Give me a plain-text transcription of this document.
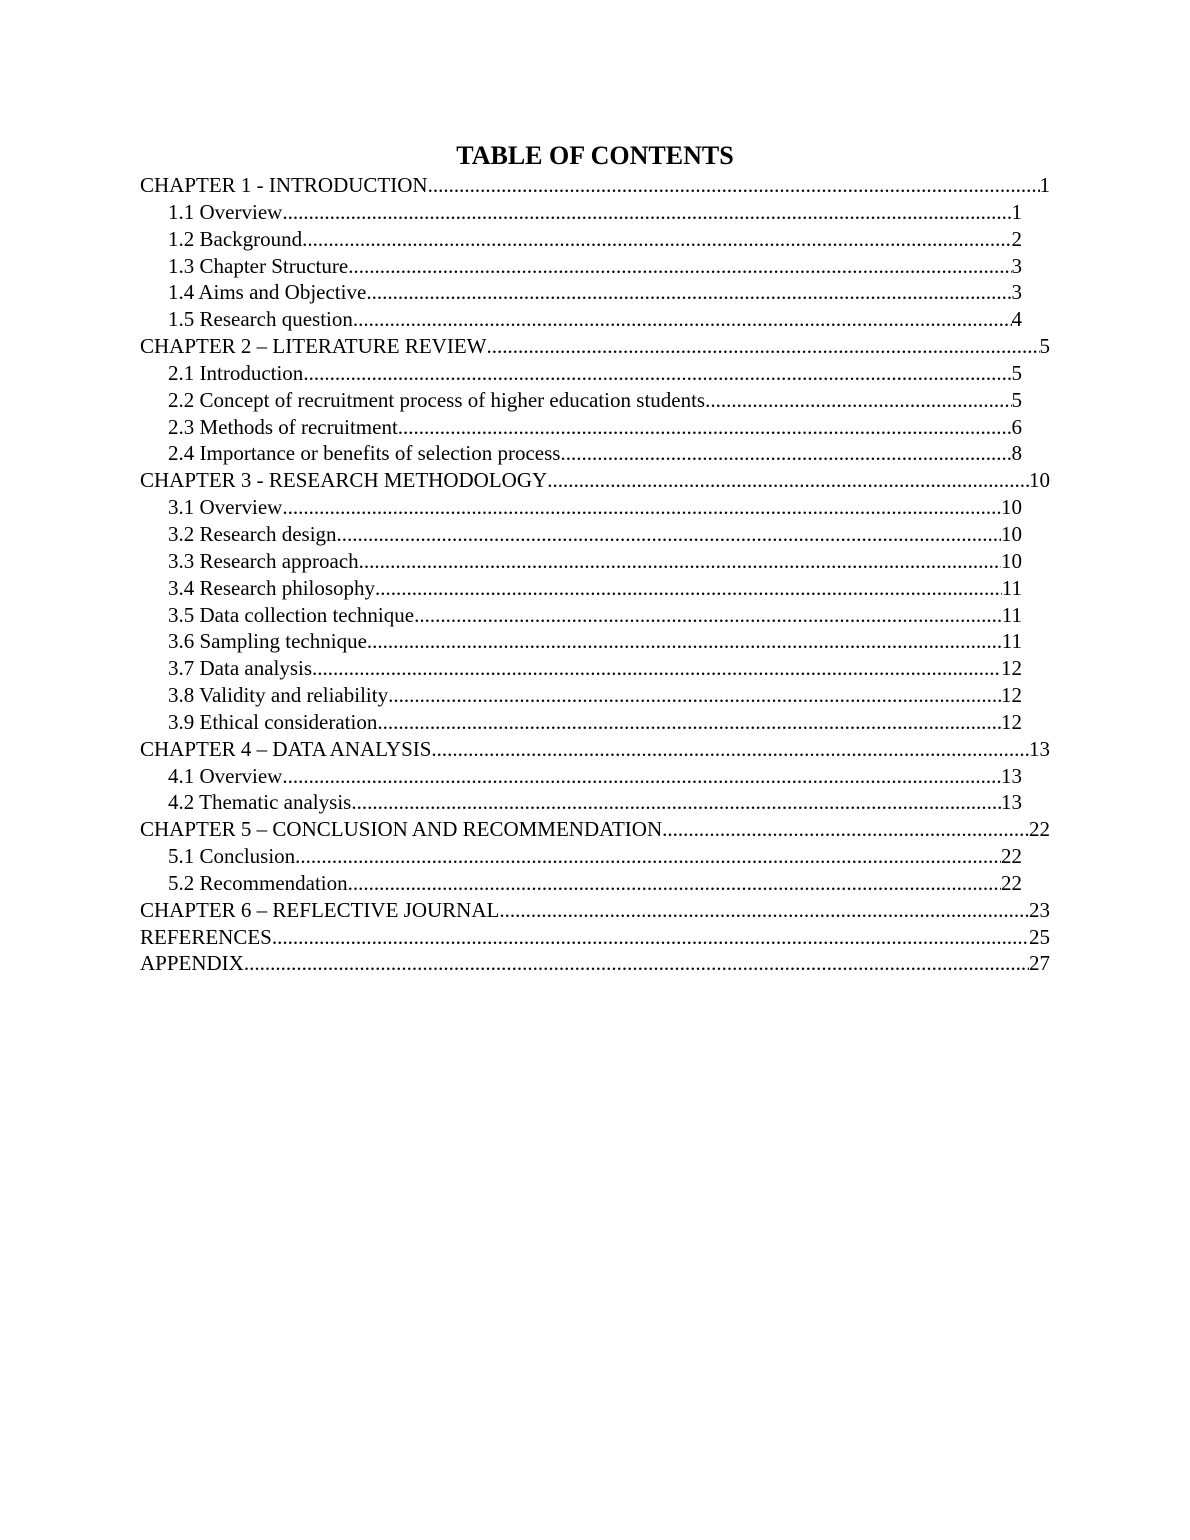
TABLE OF CONTENTS
CHAPTER 1 - INTRODUCTION .....	1
1.1 Overview .....	1
1.2 Background .....	2
1.3 Chapter Structure .....	3
1.4 Aims and Objective .....	3
1.5 Research question .....	4
CHAPTER 2 – LITERATURE REVIEW .....	5
2.1 Introduction .....	5
2.2 Concept of recruitment process of higher education students .....	5
2.3 Methods of recruitment .....	6
2.4 Importance or benefits of selection process .....	8
CHAPTER 3 - RESEARCH METHODOLOGY .....	10
3.1 Overview .....	10
3.2 Research design .....	10
3.3 Research approach .....	10
3.4 Research philosophy .....	11
3.5 Data collection technique .....	11
3.6 Sampling technique .....	11
3.7 Data analysis .....	12
3.8 Validity and reliability .....	12
3.9 Ethical consideration .....	12
CHAPTER 4 – DATA ANALYSIS .....	13
4.1 Overview .....	13
4.2 Thematic analysis .....	13
CHAPTER 5 – CONCLUSION AND RECOMMENDATION .....	22
5.1 Conclusion .....	22
5.2 Recommendation .....	22
CHAPTER 6 – REFLECTIVE JOURNAL .....	23
REFERENCES .....	25
APPENDIX .....	27
